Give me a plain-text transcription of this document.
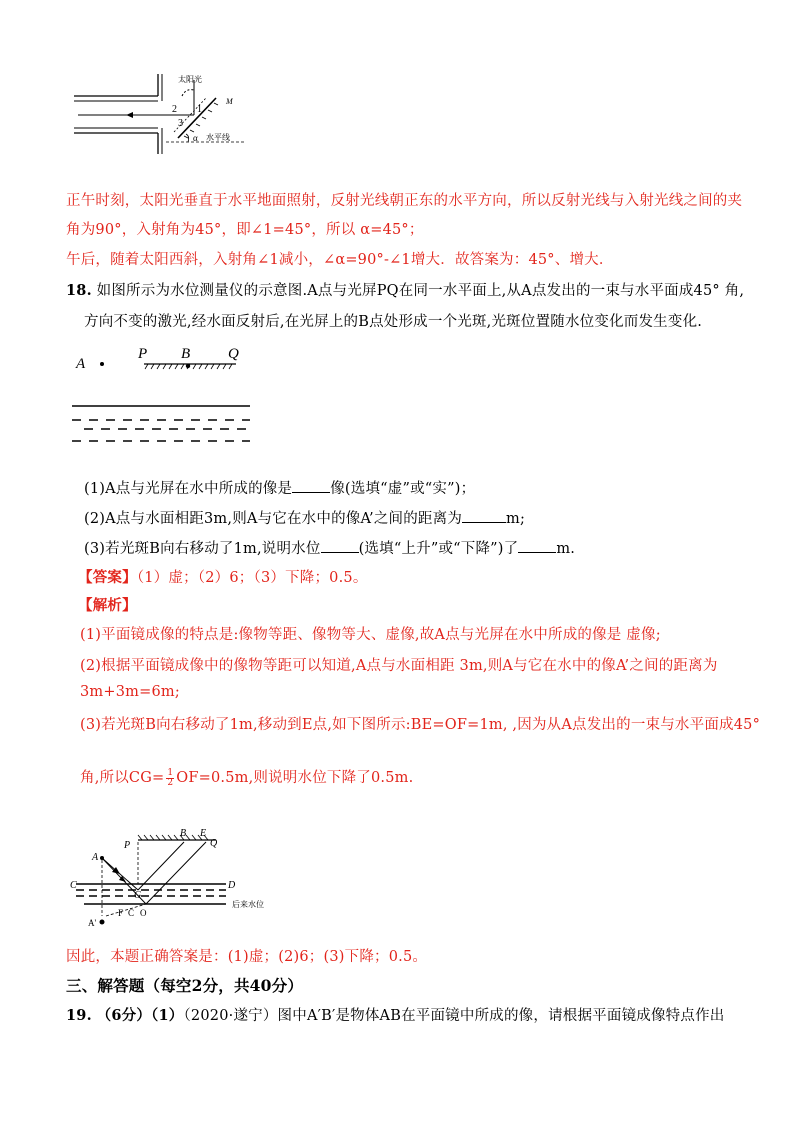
太阳光
2 1
3
M
α 水平线
正午时刻，太阳光垂直于水平地面照射，反射光线朝正东的水平方向，所以反射光线与入射光线之间的夹
角为90°，入射角为45°，即∠1=45°，所以 α=45°；
午后，随着太阳西斜，入射角∠1减小，∠α=90°-∠1增大．故答案为：45°、增大．
18. 如图所示为水位测量仪的示意图.A点与光屏PQ在同一水平面上,从A点发出的一束与水平面成45° 角,
方向不变的激光,经水面反射后,在光屏上的B点处形成一个光斑,光斑位置随水位变化而发生变化.
A
P B	Q
(1)A点与光屏在水中所成的像是	像(选填“虚”或“实”)；
(2)A点与水面相距3m,则A与它在水中的像A’之间的距离为	m;
(3)若光斑B向右移动了1m,说明水位	(选填“上升”或“下降”)了	m.
【答案】（1）虚；（2）6；（3）下降；0.5。
【解析】
(1)平面镜成像的特点是:像物等距、像物等大、虚像,故A点与光屏在水中所成的像是 虚像;
(2)根据平面镜成像中的像物等距可以知道,A点与水面相距 3m,则A与它在水中的像A’之间的距离为
3m+3m=6m;
(3)若光斑B向右移动了1m,移动到E点,如下图所示:BE=OF=1m, ,因为从A点发出的一束与水平面成45°
角,所以$CG= \frac{1}{2} OF=0.5m$,则说明水位下降了0.5m.
P
B E
Q
A
G
C	D
F C O
A'
后来水位
因此，本题正确答案是：(1)虚；(2)6；(3)下降；0.5。
三、解答题（每空2分，共40分）
19. （6分）（1）（2020·遂宁）图中A′B′是物体AB在平面镜中所成的像，请根据平面镜成像特点作出
